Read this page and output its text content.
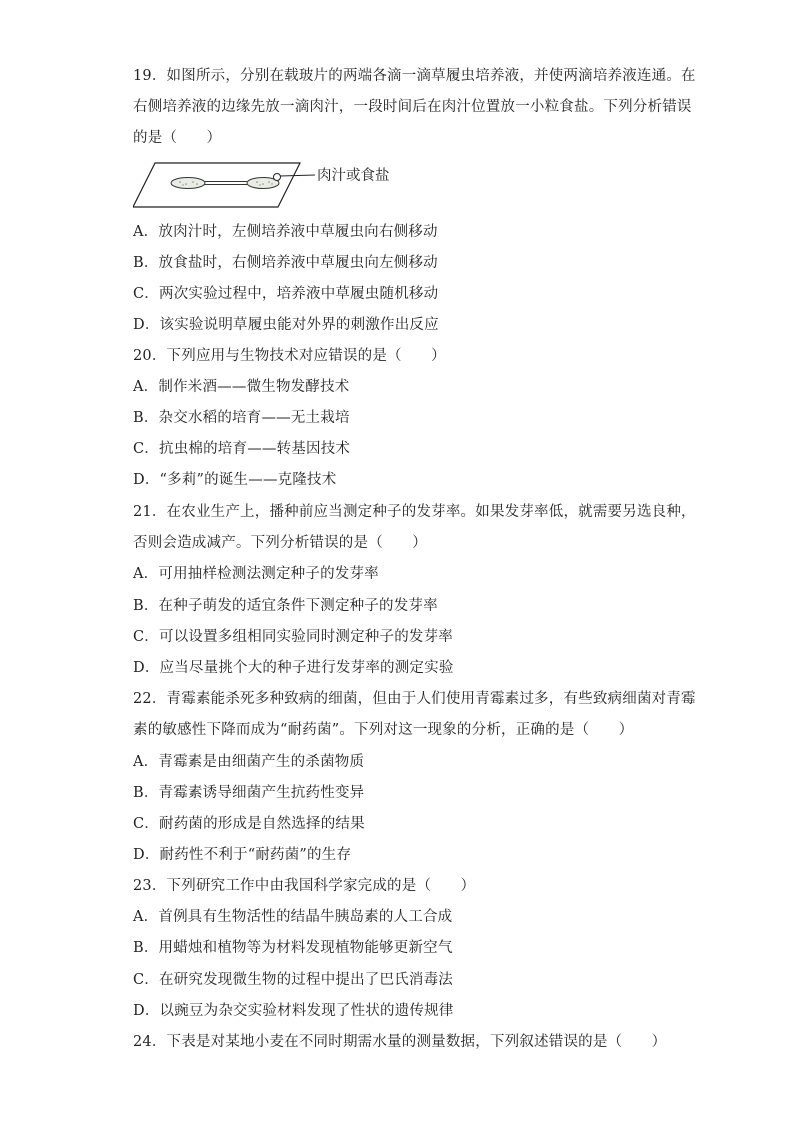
19．如图所示，分别在载玻片的两端各滴一滴草履虫培养液，并使两滴培养液连通。在
右侧培养液的边缘先放一滴肉汁，一段时间后在肉汁位置放一小粒食盐。下列分析错误
的是（　　）
肉汁或食盐
A．放肉汁时，左侧培养液中草履虫向右侧移动
B．放食盐时，右侧培养液中草履虫向左侧移动
C．两次实验过程中，培养液中草履虫随机移动
D．该实验说明草履虫能对外界的刺激作出反应
20．下列应用与生物技术对应错误的是（　　）
A．制作米酒——微生物发酵技术
B．杂交水稻的培育——无土栽培
C．抗虫棉的培育——转基因技术
D．“多莉”的诞生——克隆技术
21．在农业生产上，播种前应当测定种子的发芽率。如果发芽率低，就需要另选良种，
否则会造成减产。下列分析错误的是（　　）
A．可用抽样检测法测定种子的发芽率
B．在种子萌发的适宜条件下测定种子的发芽率
C．可以设置多组相同实验同时测定种子的发芽率
D．应当尽量挑个大的种子进行发芽率的测定实验
22．青霉素能杀死多种致病的细菌，但由于人们使用青霉素过多，有些致病细菌对青霉
素的敏感性下降而成为“耐药菌”。下列对这一现象的分析，正确的是（　　）
A．青霉素是由细菌产生的杀菌物质
B．青霉素诱导细菌产生抗药性变异
C．耐药菌的形成是自然选择的结果
D．耐药性不利于“耐药菌”的生存
23．下列研究工作中由我国科学家完成的是（　　）
A．首例具有生物活性的结晶牛胰岛素的人工合成
B．用蜡烛和植物等为材料发现植物能够更新空气
C．在研究发现微生物的过程中提出了巴氏消毒法
D．以豌豆为杂交实验材料发现了性状的遗传规律
24．下表是对某地小麦在不同时期需水量的测量数据，下列叙述错误的是（　　）
